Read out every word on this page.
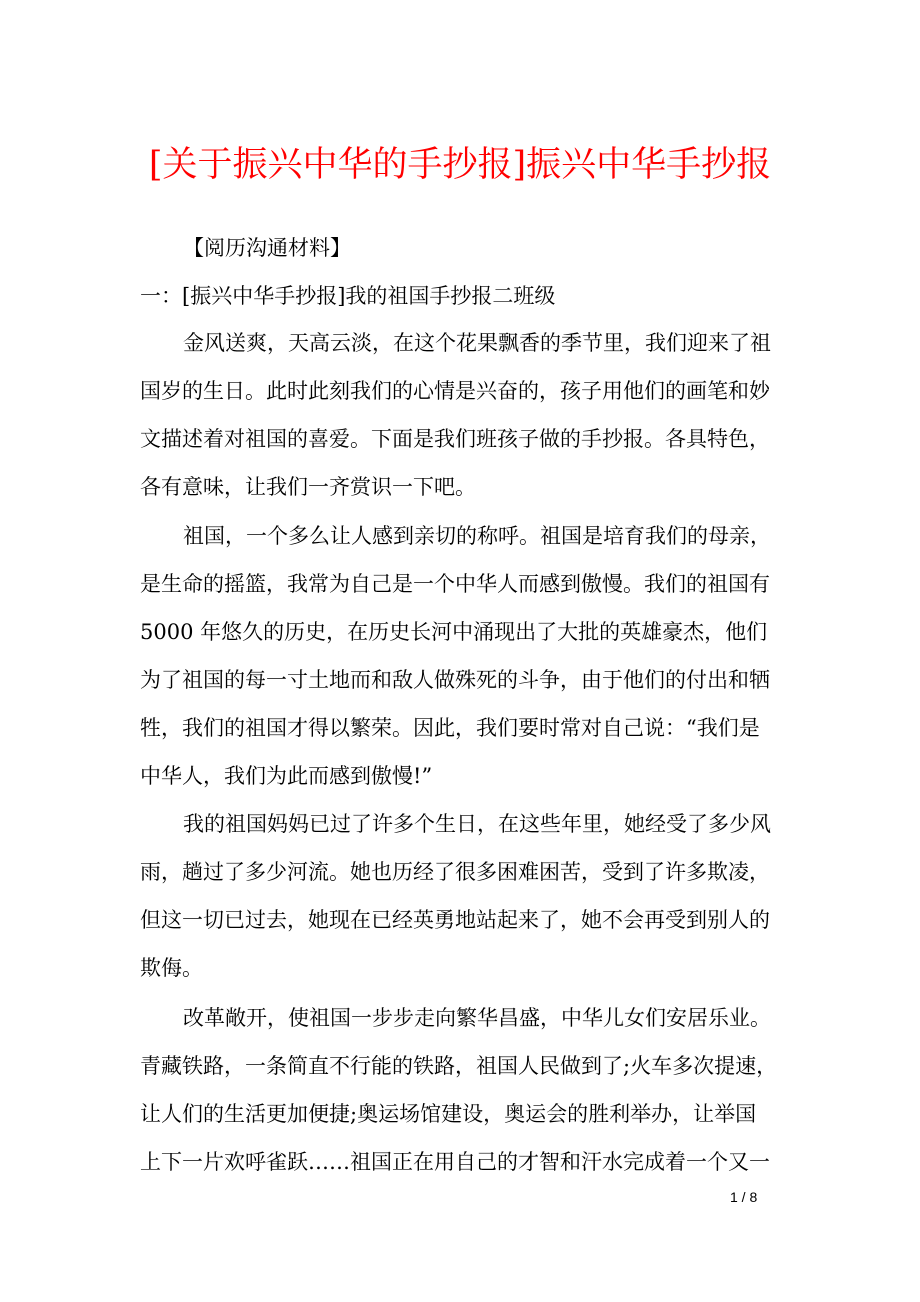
[关于振兴中华的手抄报]振兴中华手抄报
【阅历沟通材料】
一：[振兴中华手抄报]我的祖国手抄报二班级
金风送爽，天高云淡，在这个花果飘香的季节里，我们迎来了祖
国岁的生日。此时此刻我们的心情是兴奋的，孩子用他们的画笔和妙
文描述着对祖国的喜爱。下面是我们班孩子做的手抄报。各具特色，
各有意味，让我们一齐赏识一下吧。
祖国，一个多么让人感到亲切的称呼。祖国是培育我们的母亲，
是生命的摇篮，我常为自己是一个中华人而感到傲慢。我们的祖国有
5000 年悠久的历史，在历史长河中涌现出了大批的英雄豪杰，他们
为了祖国的每一寸土地而和敌人做殊死的斗争，由于他们的付出和牺
牲，我们的祖国才得以繁荣。因此，我们要时常对自己说：“我们是
中华人，我们为此而感到傲慢!”
我的祖国妈妈已过了许多个生日，在这些年里，她经受了多少风
雨，趟过了多少河流。她也历经了很多困难困苦，受到了许多欺凌，
但这一切已过去，她现在已经英勇地站起来了，她不会再受到别人的
欺侮。
改革敞开，使祖国一步步走向繁华昌盛，中华儿女们安居乐业。
青藏铁路，一条简直不行能的铁路，祖国人民做到了;火车多次提速，
让人们的生活更加便捷;奥运场馆建设，奥运会的胜利举办，让举国
上下一片欢呼雀跃……祖国正在用自己的才智和汗水完成着一个又一
1 / 8
